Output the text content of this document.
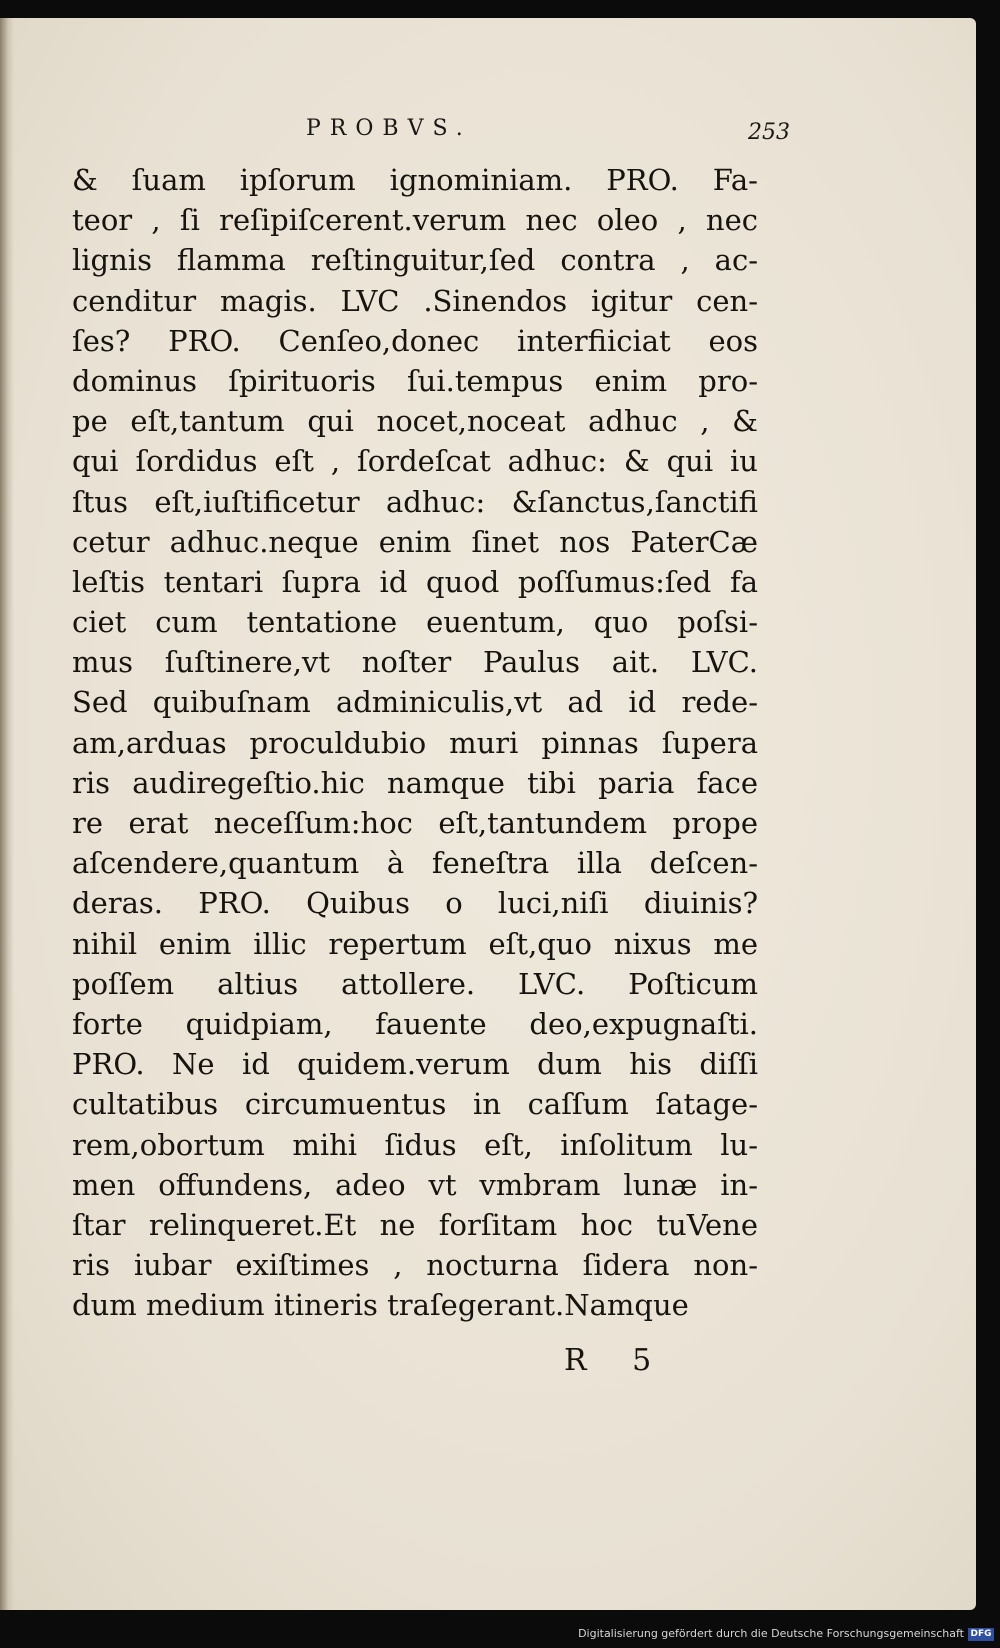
PROBVS.	253
& ſuam ipſorum ignominiam. PRO. Fa-
teor , ſi reſipiſcerent.verum nec oleo , nec
lignis flamma reſtinguitur,ſed contra , ac-
cenditur magis. LVC .Sinendos igitur cen-
ſes? PRO. Cenſeo,donec interfiiciat eos
dominus ſpirituoris ſui.tempus enim pro-
pe eſt,tantum qui nocet,noceat adhuc , &
qui ſordidus eſt , ſordeſcat adhuc: & qui iu
ſtus eſt,iuſtificetur adhuc: &ſanctus,ſanctifi
cetur adhuc.neque enim ſinet nos PaterCæ
leſtis tentari ſupra id quod poſſumus:ſed fa
ciet cum tentatione euentum, quo poſsi-
mus ſuſtinere,vt noſter Paulus ait. LVC.
Sed quibuſnam adminiculis,vt ad id rede-
am,arduas proculdubio muri pinnas ſupera
ris audiregeſtio.hic namque tibi paria face
re erat neceſſum:hoc eſt,tantundem prope
aſcendere,quantum à feneſtra illa deſcen-
deras. PRO. Quibus o luci,niſi diuinis?
nihil enim illic repertum eſt,quo nixus me
poſſem altius attollere. LVC. Poſticum
forte quidpiam, fauente deo,expugnaſti.
PRO. Ne id quidem.verum dum his diſſi
cultatibus circumuentus in caſſum ſatage-
rem,obortum mihi ſidus eſt, inſolitum lu-
men offundens, adeo vt vmbram lunæ in-
ſtar relinqueret.Et ne forſitam hoc tuVene
ris iubar exiſtimes , nocturna ſidera non-
dum medium itineris traſegerant.Namque
R 5
Digitalisierung gefördert durch die Deutsche Forschungsgemeinschaft DFG
